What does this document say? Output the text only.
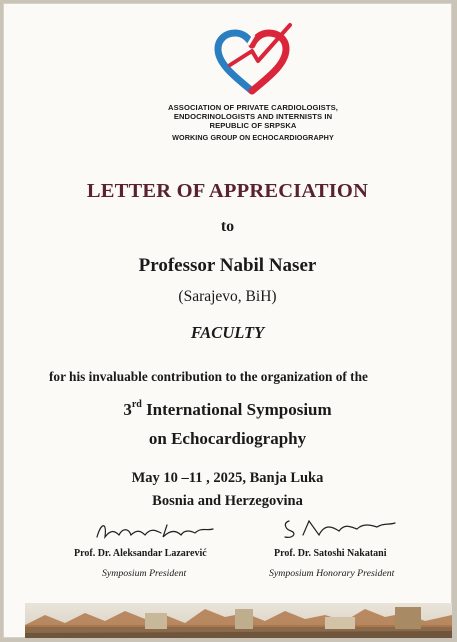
ASSOCIATION OF PRIVATE CARDIOLOGISTS,
ENDOCRINOLOGISTS AND INTERNISTS IN
REPUBLIC OF SRPSKA
WORKING GROUP ON ECHOCARDIOGRAPHY
LETTER OF APPRECIATION
to
Professor Nabil Naser
(Sarajevo, BiH)
FACULTY
for his invaluable contribution to the organization of the
3rd International Symposium
on Echocardiography
May 10 –11 , 2025, Banja Luka
Bosnia and Herzegovina
Prof. Dr. Aleksandar Lazarević
Symposium President
Prof. Dr. Satoshi Nakatani
Symposium Honorary President
